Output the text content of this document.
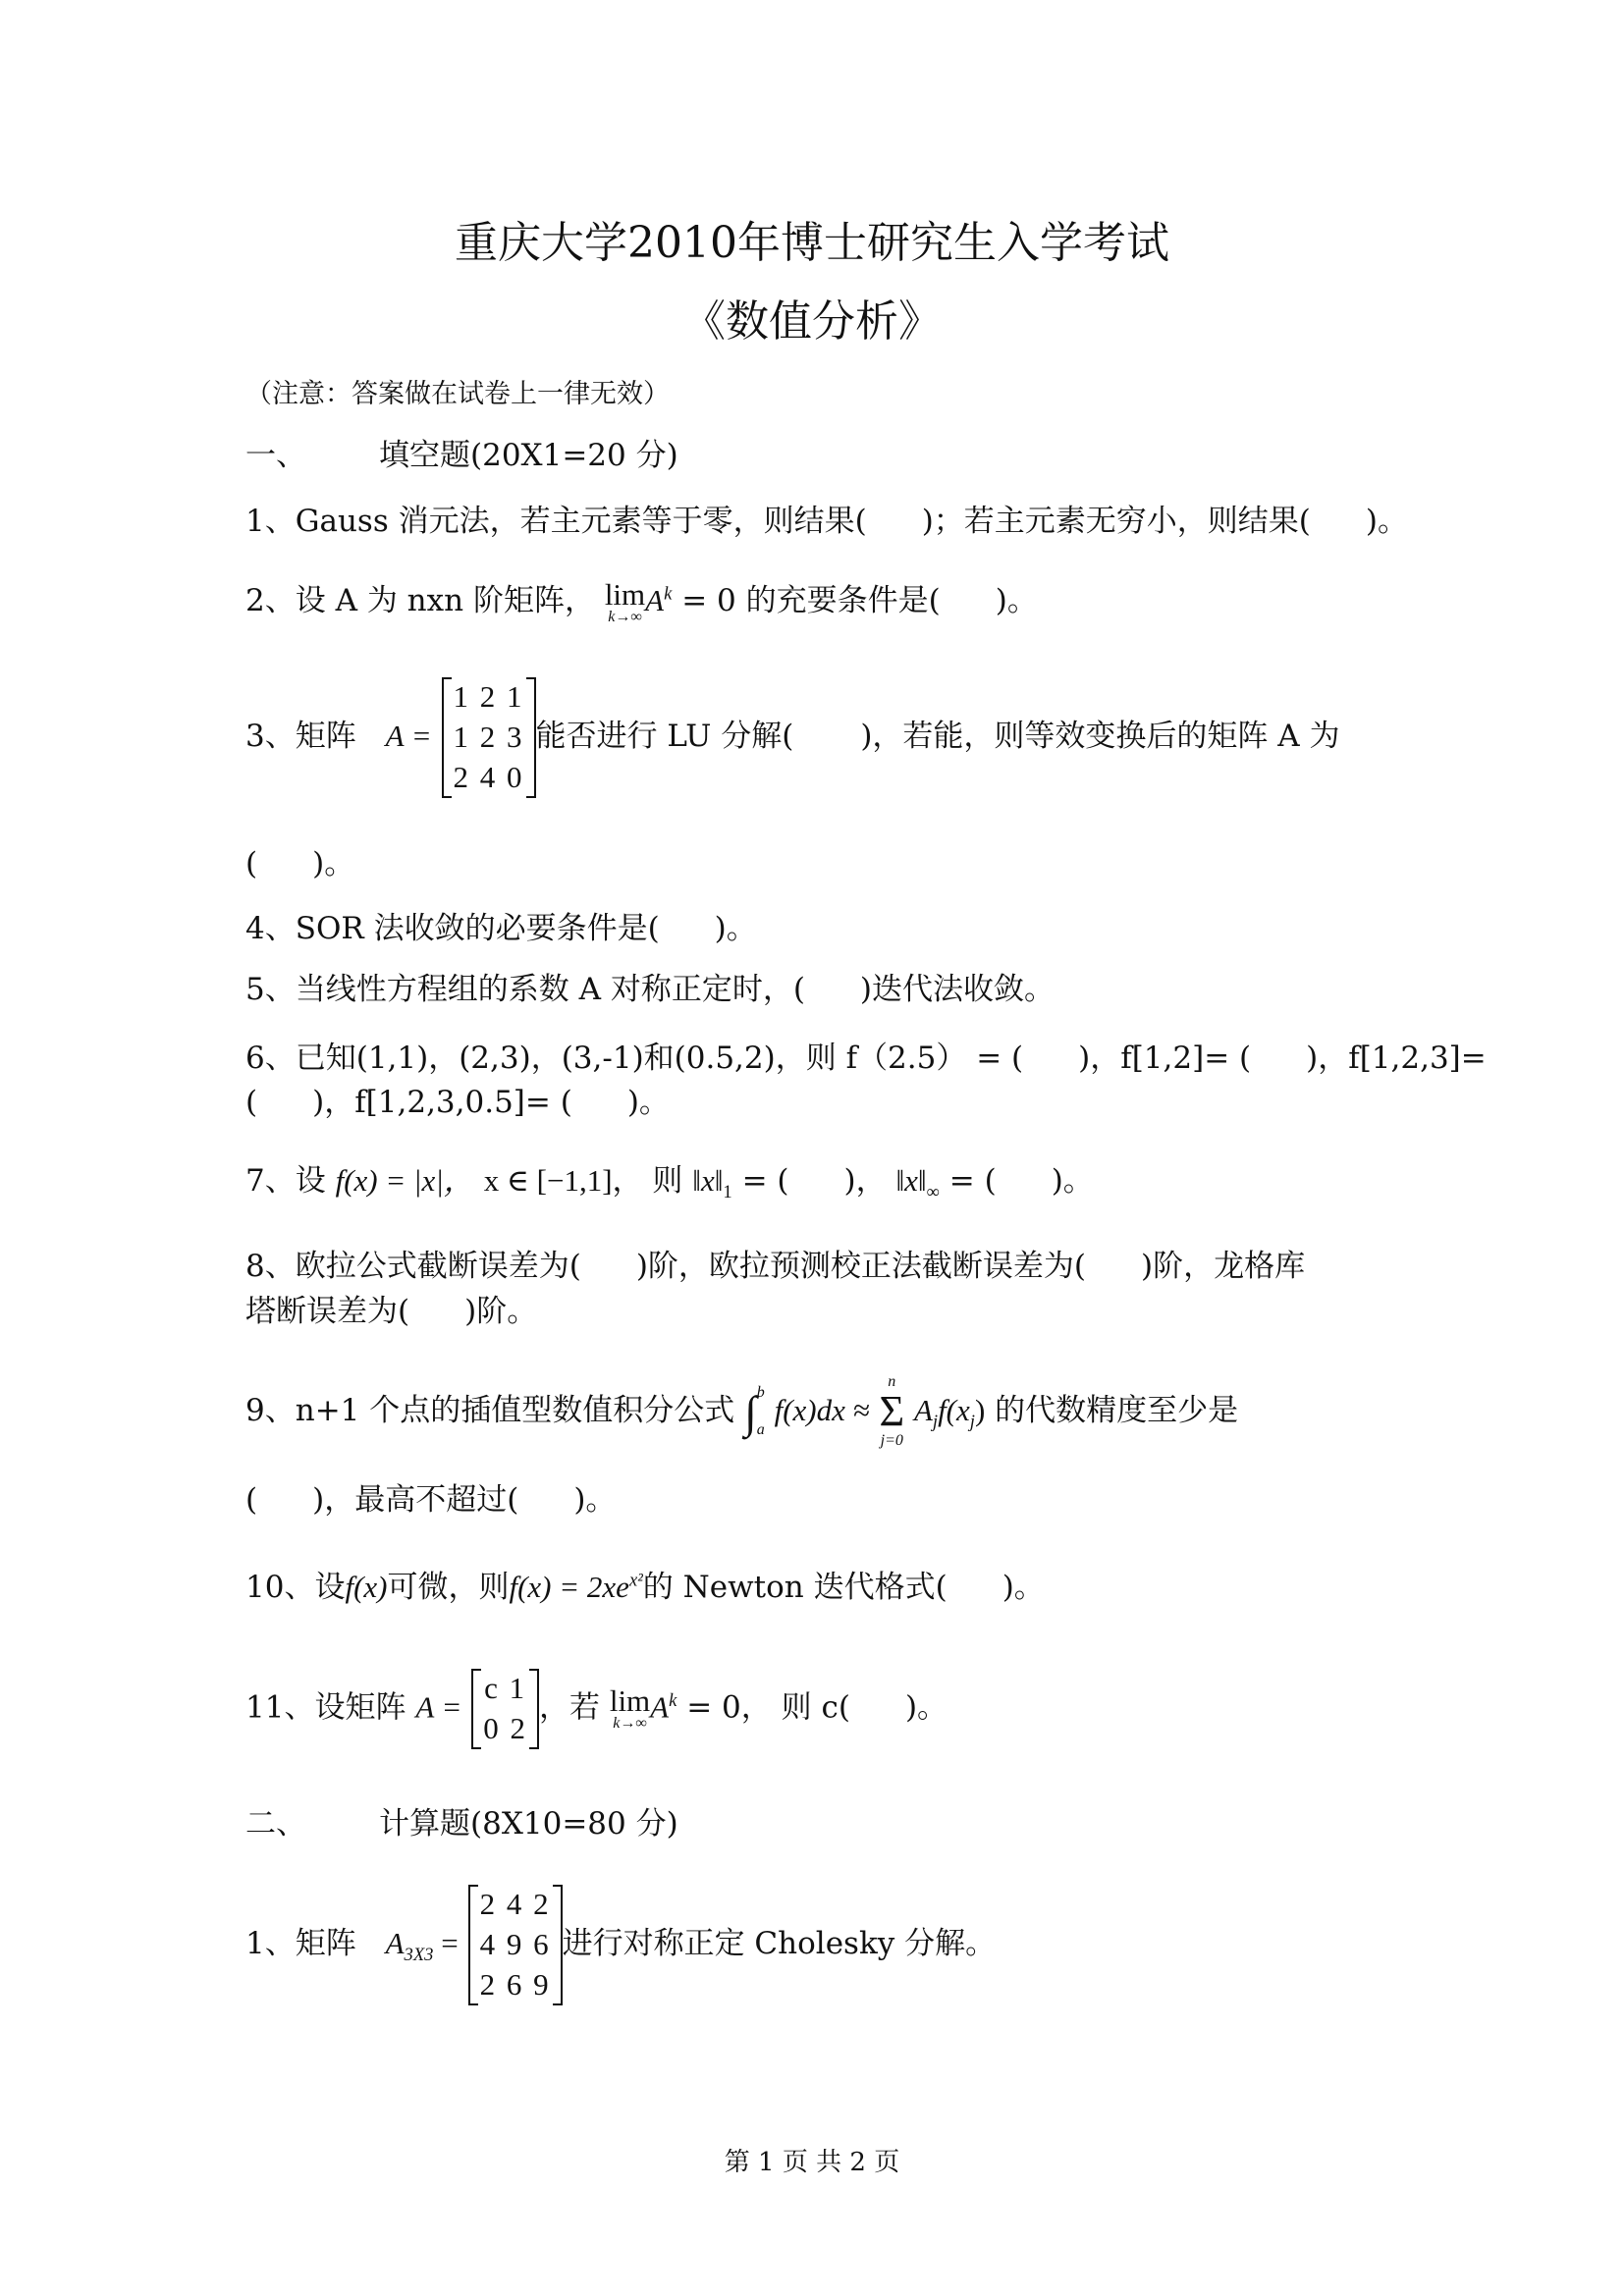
重庆大学2010年博士研究生入学考试
《数值分析》
（注意：答案做在试卷上一律无效）
一、 填空题(20X1=20 分)
1、Gauss 消元法，若主元素等于零，则结果( )；若主元素无穷小，则结果( )。
2、设 A 为 nxn 阶矩阵， lim
k→∞ $A^k = 0$ 的充要条件是( )。
3、矩阵 A =
1 2 1
1 2 3
2 4 0
能否进行 LU 分解( )，若能，则等效变换后的矩阵 A 为
( )。
4、SOR 法收敛的必要条件是( )。
5、当线性方程组的系数 A 对称正定时，( )迭代法收敛。
6、已知(1,1)，(2,3)，(3,-1)和(0.5,2)，则 f（2.5） = ( )，f[1,2]= ( )，f[1,2,3]=
( )，f[1,2,3,0.5]= ( )。
7、设 f(x) = |x|， x ∈ [−1,1]， 则 $‖x‖_1$ = ( )， $‖x‖_\infty$ = ( )。
8、欧拉公式截断误差为( )阶，欧拉预测校正法截断误差为( )阶，龙格库
塔断误差为( )阶。
9、n+1 个点的插值型数值积分公式 ∫ b
a
f(x)dx ≈
n
Σ
j=0
$A_jf(x_j)$ 的代数精度至少是
( )，最高不超过( )。
10、设f(x)可微，则$f(x) = 2xe^{x^2}$的 Newton 迭代格式( )。
11、设矩阵 A =
c 1
0 2
，若 lim
k→∞ $A^k = 0$， 则 c( )。
二、 计算题(8X10=80 分)
1、矩阵 $A_{3X3}$ =
2 4 2
4 9 6
2 6 9
进行对称正定 Cholesky 分解。
第 1 页 共 2 页
